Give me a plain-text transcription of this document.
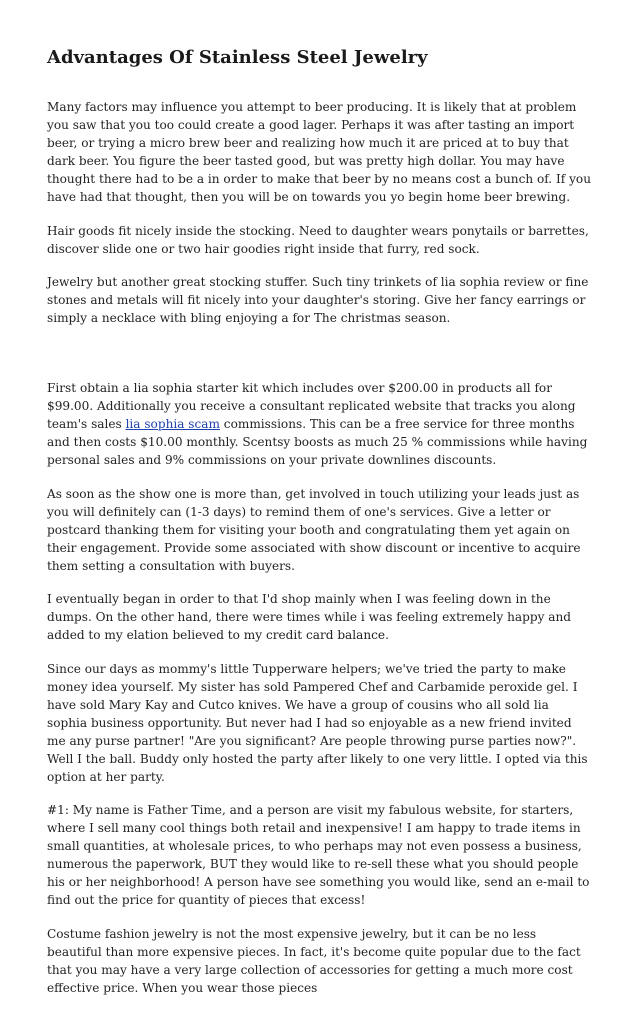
Advantages Of Stainless Steel Jewelry

Many factors may influence you attempt to beer producing. It is likely that at problem you saw that you too could create a good lager. Perhaps it was after tasting an import beer, or trying a micro brew beer and realizing how much it are priced at to buy that dark beer. You figure the beer tasted good, but was pretty high dollar. You may have thought there had to be a in order to make that beer by no means cost a bunch of. If you have had that thought, then you will be on towards you yo begin home beer brewing.

Hair goods fit nicely inside the stocking. Need to daughter wears ponytails or barrettes, discover slide one or two hair goodies right inside that furry, red sock.

Jewelry but another great stocking stuffer. Such tiny trinkets of lia sophia review or fine stones and metals will fit nicely into your daughter's storing. Give her fancy earrings or simply a necklace with bling enjoying a for The christmas season.

First obtain a lia sophia starter kit which includes over $200.00 in products all for $99.00. Additionally you receive a consultant replicated website that tracks you along team's sales lia sophia scam commissions. This can be a free service for three months and then costs $10.00 monthly. Scentsy boosts as much 25 % commissions while having personal sales and 9% commissions on your private downlines discounts.

As soon as the show one is more than, get involved in touch utilizing your leads just as you will definitely can (1-3 days) to remind them of one's services. Give a letter or postcard thanking them for visiting your booth and congratulating them yet again on their engagement. Provide some associated with show discount or incentive to acquire them setting a consultation with buyers.

I eventually began in order to that I'd shop mainly when I was feeling down in the dumps. On the other hand, there were times while i was feeling extremely happy and added to my elation believed to my credit card balance.

Since our days as mommy's little Tupperware helpers; we've tried the party to make money idea yourself. My sister has sold Pampered Chef and Carbamide peroxide gel. I have sold Mary Kay and Cutco knives. We have a group of cousins who all sold lia sophia business opportunity. But never had I had so enjoyable as a new friend invited me any purse partner! "Are you significant? Are people throwing purse parties now?". Well I the ball. Buddy only hosted the party after likely to one very little. I opted via this option at her party.

#1: My name is Father Time, and a person are visit my fabulous website, for starters, where I sell many cool things both retail and inexpensive! I am happy to trade items in small quantities, at wholesale prices, to who perhaps may not even possess a business, numerous the paperwork, BUT they would like to re-sell these what you should people his or her neighborhood! A person have see something you would like, send an e-mail to find out the price for quantity of pieces that excess!

Costume fashion jewelry is not the most expensive jewelry, but it can be no less beautiful than more expensive pieces. In fact, it's become quite popular due to the fact that you may have a very large collection of accessories for getting a much more cost effective price. When you wear those pieces
